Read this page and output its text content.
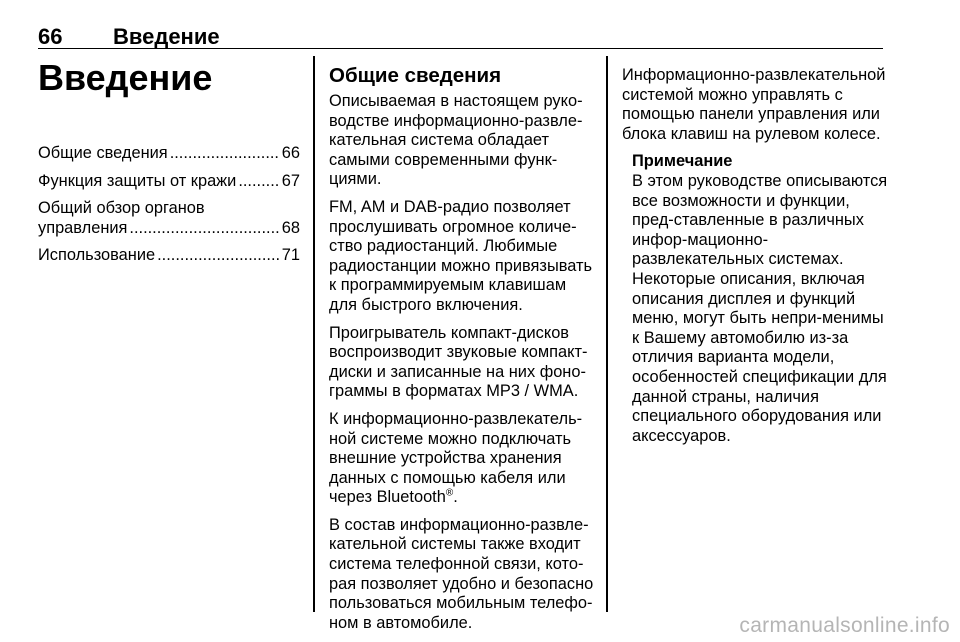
66 Введение
Введение
Общие сведения .....	66
Функция защиты от кражи .....	67
Общий обзор органов
управления .....	68
Использование .....	71
Общие сведения

Описываемая в настоящем руко-водстве информационно-развле-кательная система обладает самыми современными функ-циями.

FM, AM и DAB-радио позволяет прослушивать огромное количе-ство радиостанций. Любимые радиостанции можно привязывать к программируемым клавишам для быстрого включения.

Проигрыватель компакт-дисков воспроизводит звуковые компакт-диски и записанные на них фоно-граммы в форматах MP3 / WMA.

К информационно-развлекатель-ной системе можно подключать внешние устройства хранения данных с помощью кабеля или через Bluetooth®.

В состав информационно-развле-кательной системы также входит система телефонной связи, кото-рая позволяет удобно и безопасно пользоваться мобильным телефо-ном в автомобиле.

Информационно-развлекательной системой можно управлять с помощью панели управления или блока клавиш на рулевом колесе.

Примечание
В этом руководстве описываются все возможности и функции, пред-ставленные в различных инфор-мационно-развлекательных системах. Некоторые описания, включая описания дисплея и функций меню, могут быть непри-менимы к Вашему автомобилю из-за отличия варианта модели, особенностей спецификации для данной страны, наличия специального оборудования или аксессуаров.
carmanualsonline.info
